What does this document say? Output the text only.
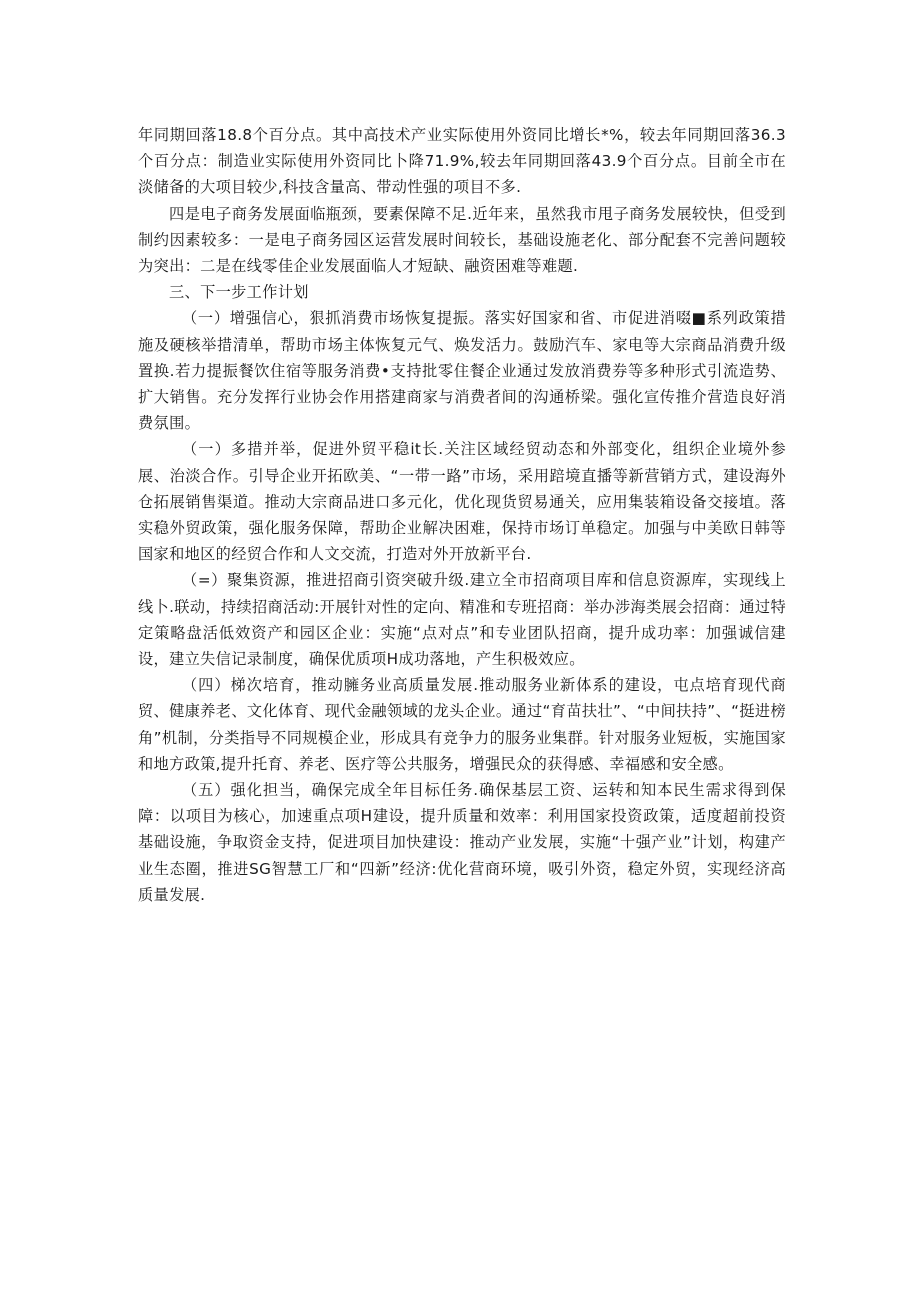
年同期回落18.8个百分点。其中高技术产业实际使用外资同比增长*%，较去年同期回落36.3个百分点：制造业实际使用外资同比卜降71.9%,较去年同期回落43.9个百分点。目前全市在淡储备的大项目较少,科技含量高、带动性强的项目不多.

四是电子商务发展面临瓶颈，要素保障不足.近年来，虽然我市甩子商务发展较快，但受到制约因素较多：一是电子商务园区运营发展时间较长，基础设施老化、部分配套不完善问题较为突出：二是在线零佳企业发展面临人才短缺、融资困难等难题.

三、下一步工作计划

（一）增强信心，狠抓消费市场恢复提振。落实好国家和省、市促进消啜■系列政策措施及硬核举措清单，帮助市场主体恢复元气、焕发活力。鼓励汽车、家电等大宗商品消费升级置换.若力提振餐饮住宿等服务消费•支持批零住餐企业通过发放消费券等多种形式引流造势、扩大销售。充分发挥行业协会作用搭建商家与消费者间的沟通桥梁。强化宣传推介营造良好消费氛围。

（一）多措并举，促进外贸平稳it长.关注区域经贸动态和外部变化，组织企业境外参展、治淡合作。引导企业开拓欧美、“一带一路”市场，采用踣境直播等新营销方式，建设海外仓拓展销售渠道。推动大宗商品进口多元化，优化现货贸易通关，应用集装箱设备交接埴。落实稳外贸政策，强化服务保障，帮助企业解决困难，保持市场订单稳定。加强与中美欧日韩等国家和地区的经贸合作和人文交流，打造对外开放新平台.

（=）聚集资源，推进招商引资突破升级.建立全市招商项目库和信息资源库，实现线上线卜.联动，持续招商活动:开展针对性的定向、精准和专班招商：举办涉海类展会招商：通过特定策略盘活低效资产和园区企业：实施“点对点”和专业团队招商，提升成功率：加强诚信建设，建立失信记录制度，确保优质项H成功落地，产生积极效应。

（四）梯次培育，推动臃务业高质量发展.推动服务业新体系的建设，屯点培育现代商贸、健康养老、文化体育、现代金融领域的龙头企业。通过“育苗扶壮”、“中间扶持”、“挺进榜角”机制，分类指导不同规模企业，形成具有竞争力的服务业集群。针对服务业短板，实施国家和地方政策,提升托育、养老、医疗等公共服务，增强民众的获得感、幸福感和安全感。

（五）强化担当，确保完成全年目标任务.确保基层工资、运转和知本民生需求得到保障：以项目为核心，加速重点项H建设，提升质量和效率：利用国家投资政策，适度超前投资基础设施，争取资金支持，促进项目加快建设：推动产业发展，实施“十强产业”计划，构建产业生态圈，推进SG智慧工厂和“四新”经济:优化营商环境，吸引外资，稳定外贸，实现经济高质量发展.
